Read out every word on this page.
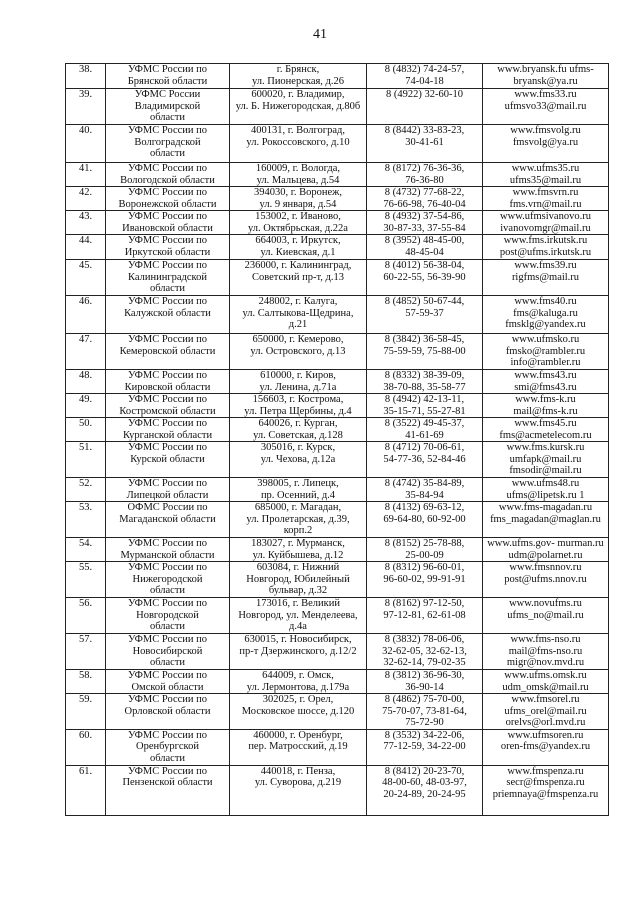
41
38.	УФМС России по
Брянской области	г. Брянск,
ул. Пионерская, д.26	8 (4832) 74-24-57,
74-04-18	www.bryansk.fu ufms-
bryansk@ya.ru

39.	УФМС России
Владимирской
области	600020, г. Владимир,
ул. Б. Нижегородская, д.80б	8 (4922) 32-60-10	www.fms33.ru
ufmsvo33@mail.ru

40.	УФМС России по
Волгоградской
области	400131, г. Волгоград,
ул. Рокоссовского, д.10	8 (8442) 33-83-23,
30-41-61	www.fmsvolg.ru
fmsvolg@ya.ru

41.	УФМС России по
Вологодской области	160009, г. Вологда,
ул. Мальцева, д.54	8 (8172) 76-36-36,
76-36-80	www.ufms35.ru
ufms35@mail.ru

42.	УФМС России по
Воронежской области	394030, г. Воронеж,
ул. 9 января, д.54	8 (4732) 77-68-22,
76-66-98, 76-40-04	www.fmsvrn.ru
fms.vrn@mail.ru

43.	УФМС России по
Ивановской области	153002, г. Иваново,
ул. Октябрьская, д.22а	8 (4932) 37-54-86,
30-87-33, 37-55-84	www.ufmsivanovo.ru
ivanovomgr@mail.ru

44.	УФМС России по
Иркутской области	664003, г. Иркутск,
ул. Киевская, д.1	8 (3952) 48-45-00,
48-45-04	www.fms.irkutsk.ru
post@ufms.irkutsk.ru

45.	УФМС России по
Калининградской
области	236000, г. Калининград,
Советский пр-т, д.13	8 (4012) 56-38-04,
60-22-55, 56-39-90	www.fms39.ru
rigfms@mail.ru

46.	УФМС России по
Калужской области	248002, г. Калуга,
ул. Салтыкова-Щедрина,
д.21	8 (4852) 50-67-44,
57-59-37	www.fms40.ru
fms@kaluga.ru
fmsklg@yandex.ru

47.	УФМС России по
Кемеровской области	650000, г. Кемерово,
ул. Островского, д.13	8 (3842) 36-58-45,
75-59-59, 75-88-00	www.ufmsko.ru
fmsko@rambler.ru
info@rambler.ru

48.	УФМС России по
Кировской области	610000, г. Киров,
ул. Ленина, д.71а	8 (8332) 38-39-09,
38-70-88, 35-58-77	www.fms43.ru
smi@fms43.ru

49.	УФМС России по
Костромской области	156603, г. Кострома,
ул. Петра Щербины, д.4	8 (4942) 42-13-11,
35-15-71, 55-27-81	www.fms-k.ru
mail@fms-k.ru

50.	УФМС России по
Курганской области	640026, г. Курган,
ул. Советская, д.128	8 (3522) 49-45-37,
41-61-69	www.fms45.ru
fms@acmetelecom.ru

51.	УФМС России по
Курской области	305016, г. Курск,
ул. Чехова, д.12а	8 (4712) 70-06-61,
54-77-36, 52-84-46	www.fms.kursk.ru
umfapk@mail.ru
fmsodir@mail.ru

52.	УФМС России по
Липецкой области	398005, г. Липецк,
пр. Осенний, д.4	8 (4742) 35-84-89,
35-84-94	www.ufms48.ru
ufms@lipetsk.ru 1

53.	ОФМС России по
Магаданской области	685000, г. Магадан,
ул. Пролетарская, д.39,
корп.2	8 (4132) 69-63-12,
69-64-80, 60-92-00	www.fms-magadan.ru
fms_magadan@maglan.ru

54.	УФМС России по
Мурманской области	183027, г. Мурманск,
ул. Куйбышева, д.12	8 (8152) 25-78-88,
25-00-09	www.ufms.gov- murman.ru
udm@polarnet.ru

55.	УФМС России по
Нижегородской
области	603084, г. Нижний
Новгород, Юбилейный
бульвар, д.32	8 (8312) 96-60-01,
96-60-02, 99-91-91	www.fmsnnov.ru
post@ufms.nnov.ru

56.	УФМС России по
Новгородской
области	173016, г. Великий
Новгород, ул. Менделеева,
д.4а	8 (8162) 97-12-50,
97-12-81, 62-61-08	www.novufms.ru
ufms_no@mail.ru

57.	УФМС России по
Новосибирской
области	630015, г. Новосибирск,
пр-т Дзержинского, д.12/2	8 (3832) 78-06-06,
32-62-05, 32-62-13,
32-62-14, 79-02-35	www.fms-nso.ru
mail@fms-nso.ru
migr@nov.mvd.ru

58.	УФМС России по
Омской области	644009, г. Омск,
ул. Лермонтова, д.179а	8 (3812) 36-96-30,
36-90-14	www.ufms.omsk.ru
udm_omsk@mail.ru

59.	УФМС России по
Орловской области	302025, г. Орел,
Московское шоссе, д.120	8 (4862) 75-70-00,
75-70-07, 73-81-64,
75-72-90	www.fmsorel.ru
ufms_orel@mail.ru
orelvs@orl.mvd.ru

60.	УФМС России по
Оренбургской
области	460000, г. Оренбург,
пер. Матросский, д.19	8 (3532) 34-22-06,
77-12-59, 34-22-00	www.ufmsoren.ru
oren-fms@yandex.ru

61.	УФМС России по
Пензенской области	440018, г. Пенза,
ул. Суворова, д.219	8 (8412) 20-23-70,
48-00-60, 48-03-97,
20-24-89, 20-24-95	www.fmspenza.ru
secr@fmspenza.ru
priemnaya@fmspenza.ru
